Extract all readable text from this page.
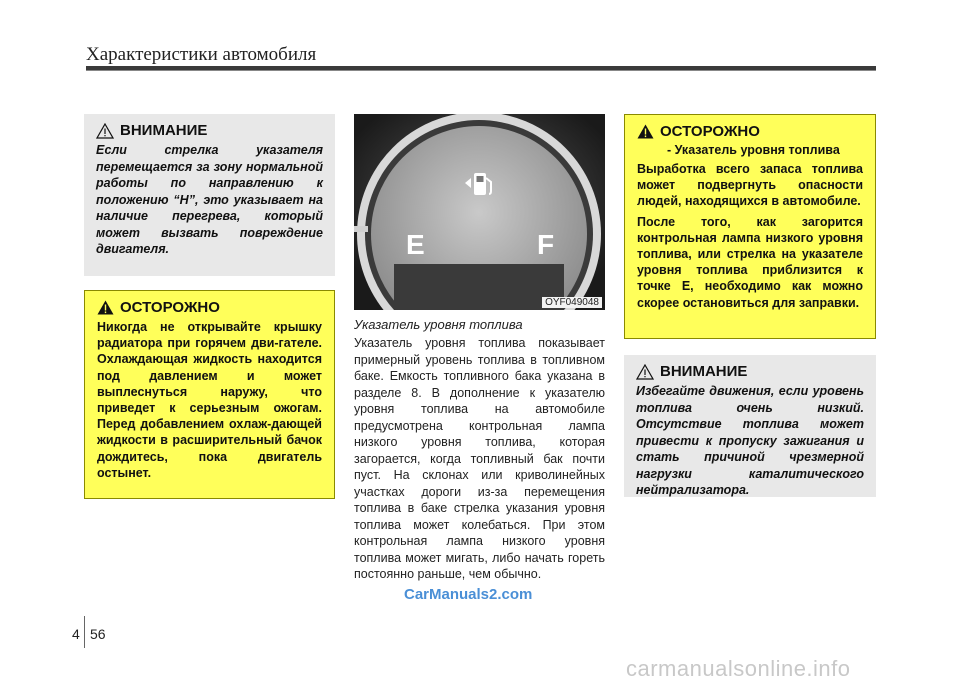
Характеристики автомобиля
ВНИМАНИЕ
Если стрелка указателя перемещается за зону нормальной работы по направлению к положению “H”, это указывает на наличие перегрева, который может вызвать повреждение двигателя.
ОСТОРОЖНО
Никогда не открывайте крышку радиатора при горячем дви-гателе. Охлаждающая жидкость находится под давлением и может выплеснуться наружу, что приведет к серьезным ожогам. Перед добавлением охлаж-дающей жидкости в расширительный бачок дождитесь, пока двигатель остынет.
E	F
OYF049048
Указатель уровня топлива
Указатель уровня топлива показывает примерный уровень топлива в топливном баке. Емкость топливного бака указана в разделе 8. В дополнение к указателю уровня топлива на автомобиле предусмотрена контрольная лампа низкого уровня топлива, которая загорается, когда топливный бак почти пуст. На склонах или криволинейных участках дороги из-за перемещения топлива в баке стрелка указания уровня топлива может колебаться. При этом контрольная лампа низкого уровня топлива может мигать, либо начать гореть постоянно раньше, чем обычно.
ОСТОРОЖНО
- Указатель уровня топлива

Выработка всего запаса топлива может подвергнуть опасности людей, находящихся в автомобиле.

После того, как загорится контрольная лампа низкого уровня топлива, или стрелка на указателе уровня топлива приблизится к точке E, необходимо как можно скорее остановиться для заправки.

ВНИМАНИЕ
Избегайте движения, если уровень топлива очень низкий. Отсутствие топлива может привести к пропуску зажигания и стать причиной чрезмерной нагрузки каталитического нейтрализатора.
CarManuals2.com
4 56
carmanualsonline.info
